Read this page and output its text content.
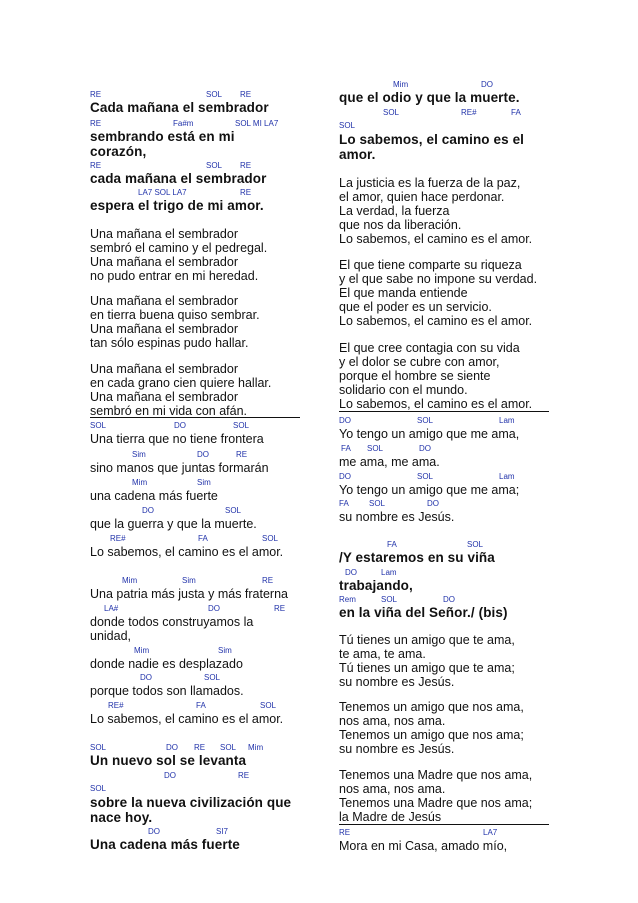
RE	SOL RE
Cada mañana el sembrador
RE	Fa#m	SOL MI LA7
sembrando está en mi
corazón,
RE	SOL RE
cada mañana el sembrador
LA7 SOL LA7	RE
espera el trigo de mi amor.
Una mañana el sembrador
sembró el camino y el pedregal.
Una mañana el sembrador
no pudo entrar en mi heredad.
Una mañana el sembrador
en tierra buena quiso sembrar.
Una mañana el sembrador
tan sólo espinas pudo hallar.
Una mañana el sembrador
en cada grano cien quiere hallar.
Una mañana el sembrador
sembró en mi vida con afán.
SOL	DO	SOL
Una tierra que no tiene frontera
Sim	DO	RE
sino manos que juntas formarán
Mim	Sim
una cadena más fuerte
DO	SOL
que la guerra y que la muerte.
RE#	FA	SOL
Lo sabemos, el camino es el amor.
Mim	Sim	RE
Una patria más justa y más fraterna
LA#	DO	RE
donde todos construyamos la
unidad,
Mim	Sim
donde nadie es desplazado
DO	SOL
porque todos son llamados.
RE#	FA	SOL
Lo sabemos, el camino es el amor.
SOL	DO RE SOL Mim
Un nuevo sol se levanta
DO	RE
SOL
sobre la nueva civilización que
nace hoy.
DO	SI7
Una cadena más fuerte
Mim	DO
que el odio y que la muerte.
SOL	RE#	FA
SOL
Lo sabemos, el camino es el
amor.
La justicia es la fuerza de la paz,
el amor, quien hace perdonar.
La verdad, la fuerza
que nos da liberación.
Lo sabemos, el camino es el amor.
El que tiene comparte su riqueza
y el que sabe no impone su verdad.
El que manda entiende
que el poder es un servicio.
Lo sabemos, el camino es el amor.
El que cree contagia con su vida
y el dolor se cubre con amor,
porque el hombre se siente
solidario con el mundo.
Lo sabemos, el camino es el amor.
DO	SOL	Lam
Yo tengo un amigo que me ama,
FA SOL	DO
me ama, me ama.
DO	SOL	Lam
Yo tengo un amigo que me ama;
FA	SOL	DO
su nombre es Jesús.
FA	SOL
/Y estaremos en su viña
DO	Lam
trabajando,
Rem	SOL	DO
en la viña del Señor./ (bis)
Tú tienes un amigo que te ama,
te ama, te ama.
Tú tienes un amigo que te ama;
su nombre es Jesús.
Tenemos un amigo que nos ama,
nos ama, nos ama.
Tenemos un amigo que nos ama;
su nombre es Jesús.
Tenemos una Madre que nos ama,
nos ama, nos ama.
Tenemos una Madre que nos ama;
la Madre de Jesús
RE	LA7
Mora en mi Casa, amado mío,
